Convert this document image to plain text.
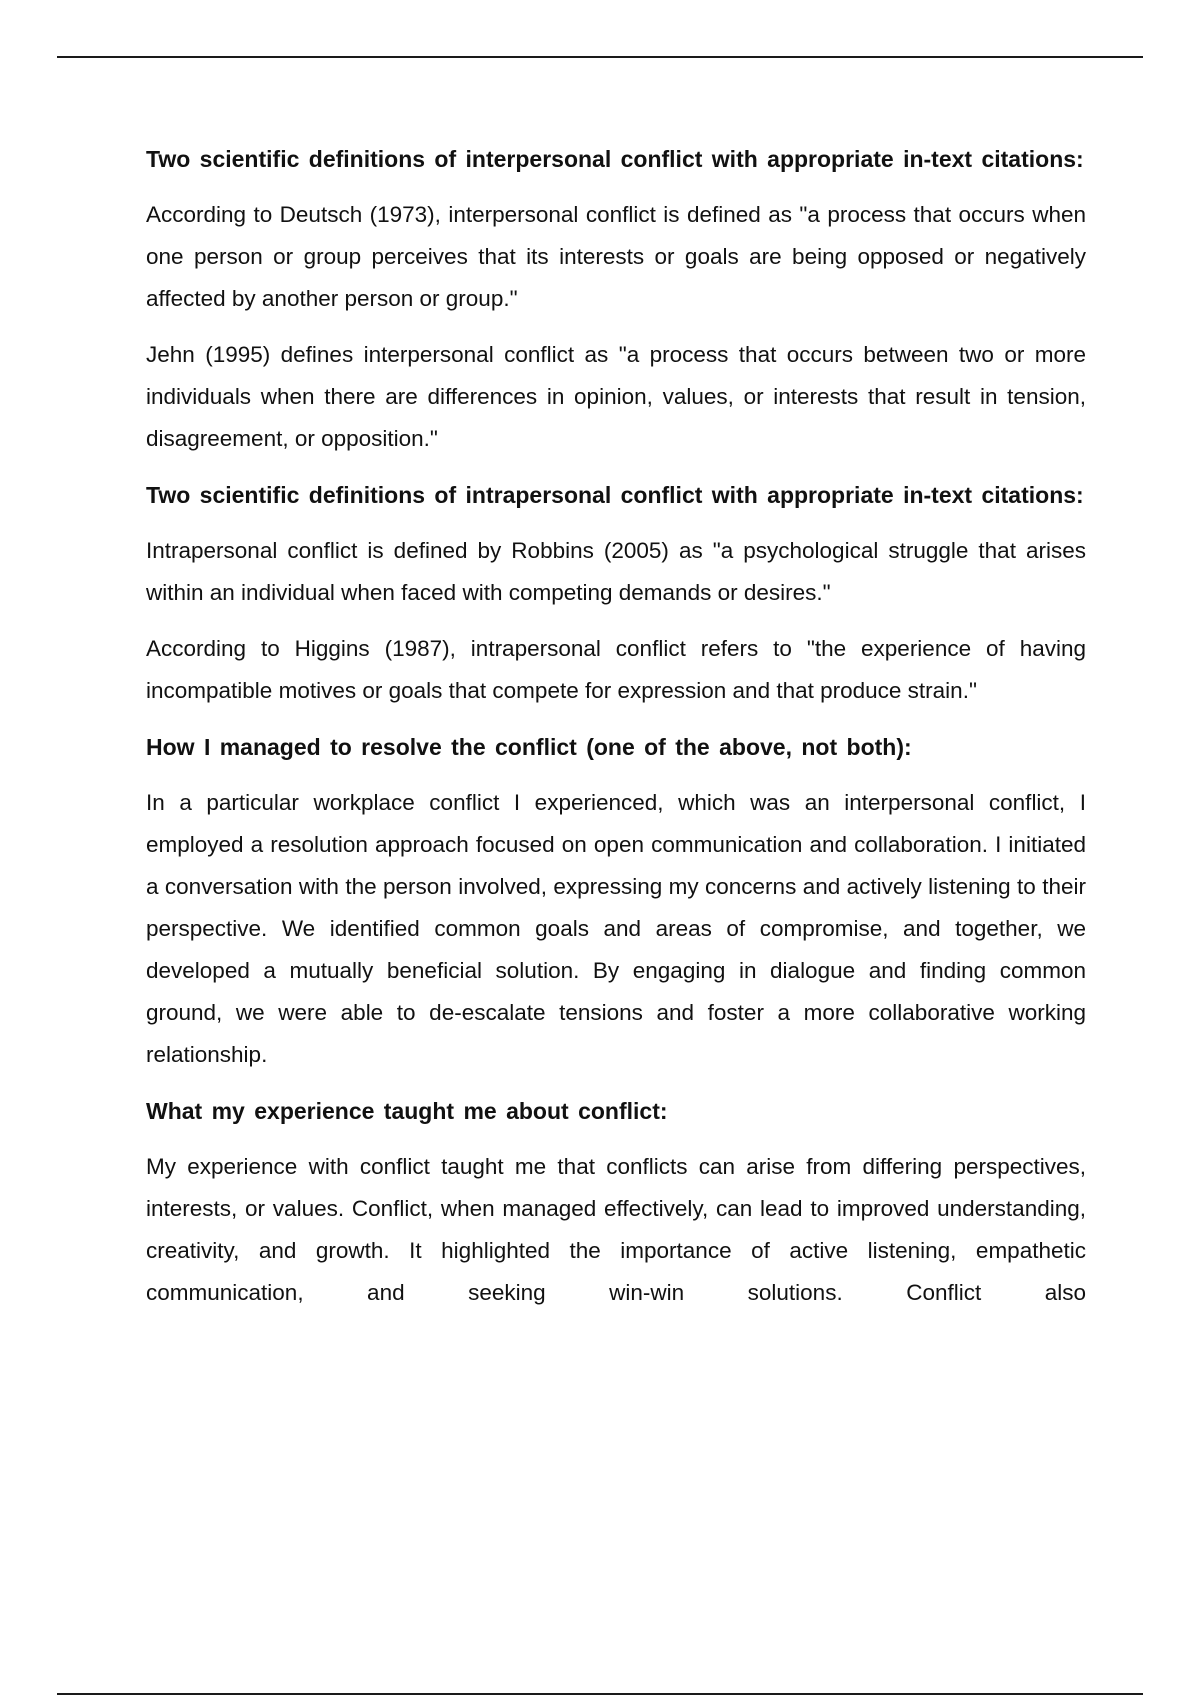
Two scientific definitions of interpersonal conflict with appropriate in-text citations:

According to Deutsch (1973), interpersonal conflict is defined as "a process that occurs when one person or group perceives that its interests or goals are being opposed or negatively affected by another person or group."

Jehn (1995) defines interpersonal conflict as "a process that occurs between two or more individuals when there are differences in opinion, values, or interests that result in tension, disagreement, or opposition."

Two scientific definitions of intrapersonal conflict with appropriate in-text citations:

Intrapersonal conflict is defined by Robbins (2005) as "a psychological struggle that arises within an individual when faced with competing demands or desires."

According to Higgins (1987), intrapersonal conflict refers to "the experience of having incompatible motives or goals that compete for expression and that produce strain."

How I managed to resolve the conflict (one of the above, not both):

In a particular workplace conflict I experienced, which was an interpersonal conflict, I employed a resolution approach focused on open communication and collaboration. I initiated a conversation with the person involved, expressing my concerns and actively listening to their perspective. We identified common goals and areas of compromise, and together, we developed a mutually beneficial solution. By engaging in dialogue and finding common ground, we were able to de-escalate tensions and foster a more collaborative working relationship.

What my experience taught me about conflict:

My experience with conflict taught me that conflicts can arise from differing perspectives, interests, or values. Conflict, when managed effectively, can lead to improved understanding, creativity, and growth. It highlighted the importance of active listening, empathetic communication, and seeking win-win solutions. Conflict also
